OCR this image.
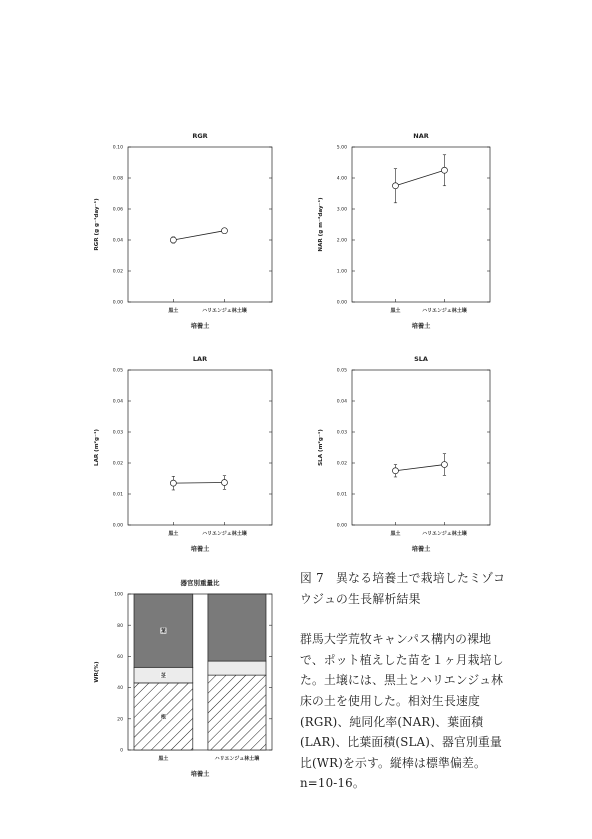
RGR
0.00
0.02
0.04
0.06
0.08
0.10
RGR (g g⁻¹day⁻¹)
培養土
黒土	ハリエンジュ林土壌
NAR
0.00
1.00
2.00
3.00
4.00
5.00
NAR (g m⁻²day⁻¹)
培養土
黒土	ハリエンジュ林土壌
LAR
0.00
0.01
0.02
0.03
0.04
0.05
LAR (m²g⁻¹)
培養土
黒土	ハリエンジュ林土壌
SLA
0.00
0.01
0.02
0.03
0.04
0.05
SLA (m²g⁻¹)
培養土
黒土	ハリエンジュ林土壌
器官別重量比
0
20
40
60
80
100
WR(%)
培養土
根
茎
葉
黒土	ハリエンジュ林土壌

図 7　異なる培養土で栽培したミゾコウジュの生長解析結果

群馬大学荒牧キャンパス構内の裸地で、ポット植えした苗を１ヶ月栽培した。土壌には、黒土とハリエンジュ林床の土を使用した。相対生長速度(RGR)、純同化率(NAR)、葉面積(LAR)、比葉面積(SLA)、器官別重量比(WR)を示す。縦棒は標準偏差。n=10-16。
